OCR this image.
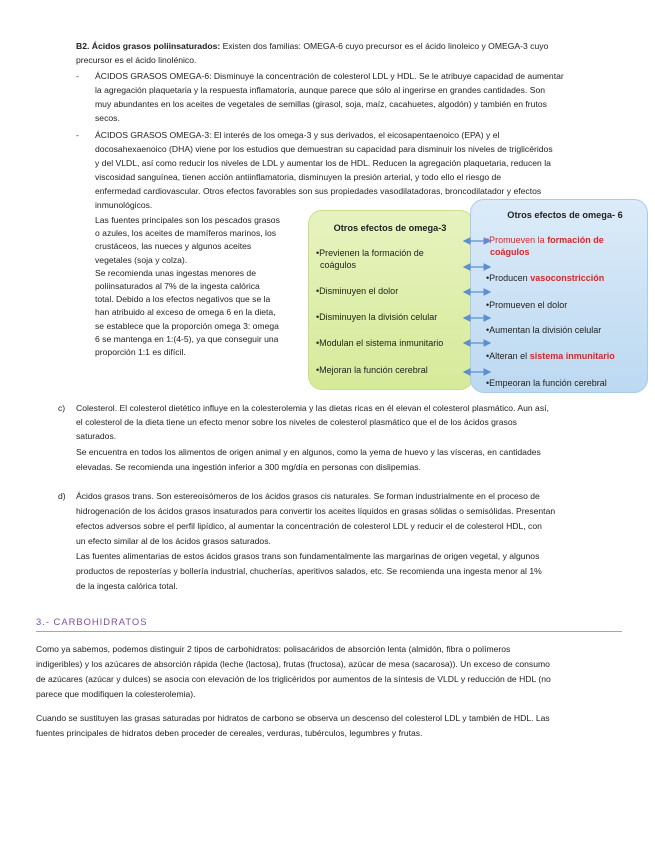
B2. Ácidos grasos poliinsaturados: Existen dos familias: OMEGA-6 cuyo precursor es el ácido linoleico y OMEGA-3 cuyo

precursor es el ácido linolénico.

- ÁCIDOS GRASOS OMEGA-6: Disminuye la concentración de colesterol LDL y HDL. Se le atribuye capacidad de aumentar

la agregación plaquetaria y la respuesta inflamatoria, aunque parece que sólo al ingerirse en grandes cantidades. Son

muy abundantes en los aceites de vegetales de semillas (girasol, soja, maíz, cacahuetes, algodón) y también en frutos

secos.

- ÁCIDOS GRASOS OMEGA-3: El interés de los omega-3 y sus derivados, el eicosapentaenoico (EPA) y el

docosahexaenoico (DHA) viene por los estudios que demuestran su capacidad para disminuir los niveles de triglicéridos

y del VLDL, así como reducir los niveles de LDL y aumentar los de HDL. Reducen la agregación plaquetaria, reducen la

viscosidad sanguínea, tienen acción antiinflamatoria, disminuyen la presión arterial, y todo ello el riesgo de

enfermedad cardiovascular. Otros efectos favorables son sus propiedades vasodilatadoras, broncodilatador y efectos

inmunológicos.

Las fuentes principales son los pescados grasos

o azules, los aceites de mamíferos marinos, los

crustáceos, las nueces y algunos aceites

vegetales (soja y colza).

Se recomienda unas ingestas menores de

poliinsaturados al 7% de la ingesta calórica

total. Debido a los efectos negativos que se la

han atribuido al exceso de omega 6 en la dieta,

se establece que la proporción omega 3: omega

6 se mantenga en 1:(4-5), ya que conseguir una

proporción 1:1 es difícil.

Otros efectos de omega-3
•Previenen la formación de
coágulos
•Disminuyen el dolor
•Disminuyen la división celular
•Modulan el sistema inmunitario
•Mejoran la función cerebral
Otros efectos de omega- 6
•Promueven la formación de
coágulos
•Producen vasoconstricción
•Promueven el dolor
•Aumentan la división celular
•Alteran el sistema inmunitario
•Empeoran la función cerebral
c) Colesterol. El colesterol dietético influye en la colesterolemia y las dietas ricas en él elevan el colesterol plasmático. Aun así,

el colesterol de la dieta tiene un efecto menor sobre los niveles de colesterol plasmático que el de los ácidos grasos

saturados.

Se encuentra en todos los alimentos de origen animal y en algunos, como la yema de huevo y las vísceras, en cantidades

elevadas. Se recomienda una ingestión inferior a 300 mg/día en personas con dislipemias.

d) Ácidos grasos trans. Son estereoisómeros de los ácidos grasos cis naturales. Se forman industrialmente en el proceso de

hidrogenación de los ácidos grasos insaturados para convertir los aceites líquidos en grasas sólidas o semisólidas. Presentan

efectos adversos sobre el perfil lipídico, al aumentar la concentración de colesterol LDL y reducir el de colesterol HDL, con

un efecto similar al de los ácidos grasos saturados.

Las fuentes alimentarias de estos ácidos grasos trans son fundamentalmente las margarinas de origen vegetal, y algunos

productos de reposterías y bollería industrial, chucherías, aperitivos salados, etc. Se recomienda una ingesta menor al 1%

de la ingesta calórica total.

3.- CARBOHIDRATOS

Como ya sabemos, podemos distinguir 2 tipos de carbohidratos: polisacáridos de absorción lenta (almidón, fibra o polímeros

indigeribles) y los azúcares de absorción rápida (leche (lactosa), frutas (fructosa), azúcar de mesa (sacarosa)). Un exceso de consumo

de azúcares (azúcar y dulces) se asocia con elevación de los triglicéridos por aumentos de la síntesis de VLDL y reducción de HDL (no

parece que modifiquen la colesterolemia).

Cuando se sustituyen las grasas saturadas por hidratos de carbono se observa un descenso del colesterol LDL y también de HDL. Las

fuentes principales de hidratos deben proceder de cereales, verduras, tubérculos, legumbres y frutas.
